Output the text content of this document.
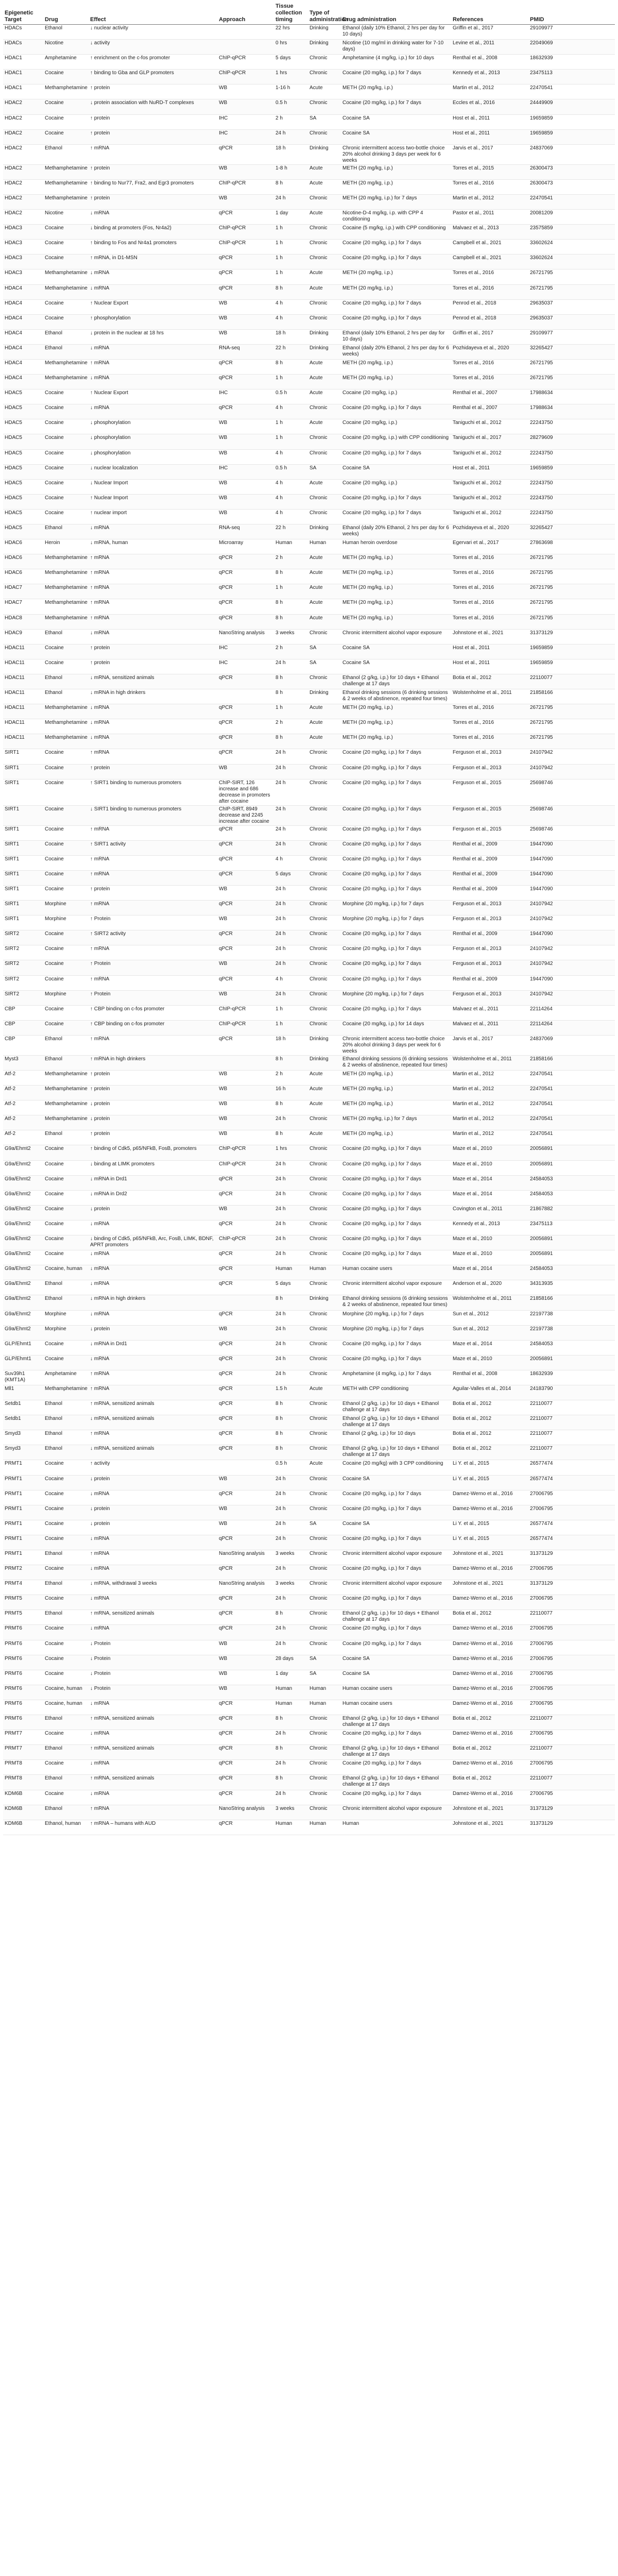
Epigenetic Target	Drug	Effect	Approach	Tissue collection timing	Type of administration	Drug administration	References	PMID
HDACs	Ethanol	↓ nuclear activity		22 hrs	Drinking	Ethanol (daily 10% Ethanol, 2 hrs per day for 10 days)	Griffin et al., 2017	29109977
HDACs	Nicotine	↓ activity		0 hrs	Drinking	Nicotine (10 mg/ml in drinking water for 7-10 days)	Levine et al., 2011	22049069
HDAC1	Amphetamine	↑ enrichment on the c-fos promoter	ChIP-qPCR	5 days	Chronic	Amphetamine (4 mg/kg, i.p.) for 10 days	Renthal et al., 2008	18632939
HDAC1	Cocaine	↑ binding to Gba and GLP promoters	ChIP-qPCR	1 hrs	Chronic	Cocaine (20 mg/kg, i.p.) for 7 days	Kennedy et al., 2013	23475113
HDAC1	Methamphetamine	↑ protein	WB	1-16 h	Acute	METH (20 mg/kg, i.p.)	Martin et al., 2012	22470541
HDAC2	Cocaine	↓ protein association with NuRD-T complexes	WB	0.5 h	Chronic	Cocaine (20 mg/kg, i.p.) for 7 days	Eccles et al., 2016	24449909
HDAC2	Cocaine	↑ protein	IHC	2 h	SA	Cocaine SA	Host et al., 2011	19659859
HDAC2	Cocaine	↑ protein	IHC	24 h	Chronic	Cocaine SA	Host et al., 2011	19659859
HDAC2	Ethanol	↑ mRNA	qPCR	18 h	Drinking	Chronic intermittent access two-bottle choice 20% alcohol drinking 3 days per week for 6 weeks	Jarvis et al., 2017	24837069
HDAC2	Methamphetamine	↑ protein	WB	1-8 h	Acute	METH (20 mg/kg, i.p.)	Torres et al., 2015	26300473
HDAC2	Methamphetamine	↑ binding to Nur77, Fra2, and Egr3 promoters	ChIP-qPCR	8 h	Acute	METH (20 mg/kg, i.p.)	Torres et al., 2016	26300473
HDAC2	Methamphetamine	↑ protein	WB	24 h	Chronic	METH (20 mg/kg, i.p.) for 7 days	Martin et al., 2012	22470541
HDAC2	Nicotine	↓ mRNA	qPCR	1 day	Acute	Nicotine-D-4 mg/kg, i.p. with CPP 4 conditioning	Pastor et al., 2011	20081209
HDAC3	Cocaine	↓ binding at promoters (Fos, Nr4a2)	ChIP-qPCR	1 h	Chronic	Cocaine (5 mg/kg, i.p.) with CPP conditioning	Malvaez et al., 2013	23575859
HDAC3	Cocaine	↑ binding to Fos and Nr4a1 promoters	ChIP-qPCR	1 h	Chronic	Cocaine (20 mg/kg, i.p.) for 7 days	Campbell et al., 2021	33602624
HDAC3	Cocaine	↑ mRNA, in D1-MSN	qPCR	1 h	Chronic	Cocaine (20 mg/kg, i.p.) for 7 days	Campbell et al., 2021	33602624
HDAC3	Methamphetamine	↓ mRNA	qPCR	1 h	Acute	METH (20 mg/kg, i.p.)	Torres et al., 2016	26721795
HDAC4	Methamphetamine	↓ mRNA	qPCR	8 h	Acute	METH (20 mg/kg, i.p.)	Torres et al., 2016	26721795
HDAC4	Cocaine	↑ Nuclear Export	WB	4 h	Chronic	Cocaine (20 mg/kg, i.p.) for 7 days	Penrod et al., 2018	29635037
HDAC4	Cocaine	↑ phosphorylation	WB	4 h	Chronic	Cocaine (20 mg/kg, i.p.) for 7 days	Penrod et al., 2018	29635037
HDAC4	Ethanol	↓ protein in the nuclear at 18 hrs	WB	18 h	Drinking	Ethanol (daily 10% Ethanol, 2 hrs per day for 10 days)	Griffin et al., 2017	29109977
HDAC4	Ethanol	↓ mRNA	RNA-seq	22 h	Drinking	Ethanol (daily 20% Ethanol, 2 hrs per day for 6 weeks)	Pozhidayeva et al., 2020	32265427
HDAC4	Methamphetamine	↑ mRNA	qPCR	8 h	Acute	METH (20 mg/kg, i.p.)	Torres et al., 2016	26721795
HDAC4	Methamphetamine	↓ mRNA	qPCR	1 h	Acute	METH (20 mg/kg, i.p.)	Torres et al., 2016	26721795
HDAC5	Cocaine	↑ Nuclear Export	IHC	0.5 h	Acute	Cocaine (20 mg/kg, i.p.)	Renthal et al., 2007	17988634
HDAC5	Cocaine	↓ mRNA	qPCR	4 h	Chronic	Cocaine (20 mg/kg, i.p.) for 7 days	Renthal et al., 2007	17988634
HDAC5	Cocaine	↓ phosphorylation	WB	1 h	Acute	Cocaine (20 mg/kg, i.p.)	Taniguchi et al., 2012	22243750
HDAC5	Cocaine	↓ phosphorylation	WB	1 h	Chronic	Cocaine (20 mg/kg, i.p.) with CPP conditioning	Taniguchi et al., 2017	28279609
HDAC5	Cocaine	↓ phosphorylation	WB	4 h	Chronic	Cocaine (20 mg/kg, i.p.) for 7 days	Taniguchi et al., 2012	22243750
HDAC5	Cocaine	↓ nuclear localization	IHC	0.5 h	SA	Cocaine SA	Host et al., 2011	19659859
HDAC5	Cocaine	↓ Nuclear Import	WB	4 h	Acute	Cocaine (20 mg/kg, i.p.)	Taniguchi et al., 2012	22243750
HDAC5	Cocaine	↑ Nuclear Import	WB	4 h	Chronic	Cocaine (20 mg/kg, i.p.) for 7 days	Taniguchi et al., 2012	22243750
HDAC5	Cocaine	↑ nuclear import	WB	4 h	Chronic	Cocaine (20 mg/kg, i.p.) for 7 days	Taniguchi et al., 2012	22243750
HDAC5	Ethanol	↓ mRNA	RNA-seq	22 h	Drinking	Ethanol (daily 20% Ethanol, 2 hrs per day for 6 weeks)	Pozhidayeva et al., 2020	32265427
HDAC6	Heroin	↓ mRNA, human	Microarray	Human	Human	Human heroin overdose	Egervari et al., 2017	27863698
HDAC6	Methamphetamine	↑ mRNA	qPCR	2 h	Acute	METH (20 mg/kg, i.p.)	Torres et al., 2016	26721795
HDAC6	Methamphetamine	↑ mRNA	qPCR	8 h	Acute	METH (20 mg/kg, i.p.)	Torres et al., 2016	26721795
HDAC7	Methamphetamine	↑ mRNA	qPCR	1 h	Acute	METH (20 mg/kg, i.p.)	Torres et al., 2016	26721795
HDAC7	Methamphetamine	↑ mRNA	qPCR	8 h	Acute	METH (20 mg/kg, i.p.)	Torres et al., 2016	26721795
HDAC8	Methamphetamine	↑ mRNA	qPCR	8 h	Acute	METH (20 mg/kg, i.p.)	Torres et al., 2016	26721795
HDAC9	Ethanol	↓ mRNA	NanoString analysis	3 weeks	Chronic	Chronic intermittent alcohol vapor exposure	Johnstone et al., 2021	31373129
HDAC11	Cocaine	↑ protein	IHC	2 h	SA	Cocaine SA	Host et al., 2011	19659859
HDAC11	Cocaine	↑ protein	IHC	24 h	SA	Cocaine SA	Host et al., 2011	19659859
HDAC11	Ethanol	↓ mRNA, sensitized animals	qPCR	8 h	Chronic	Ethanol (2 g/kg, i.p.) for 10 days + Ethanol challenge at 17 days	Botia et al., 2012	22110077
HDAC11	Ethanol	↓ mRNA in high drinkers		8 h	Drinking	Ethanol drinking sessions (6 drinking sessions & 2 weeks of abstinence, repeated four times)	Wolstenholme et al., 2011	21858166
HDAC11	Methamphetamine	↓ mRNA	qPCR	1 h	Acute	METH (20 mg/kg, i.p.)	Torres et al., 2016	26721795
HDAC11	Methamphetamine	↓ mRNA	qPCR	2 h	Acute	METH (20 mg/kg, i.p.)	Torres et al., 2016	26721795
HDAC11	Methamphetamine	↓ mRNA	qPCR	8 h	Acute	METH (20 mg/kg, i.p.)	Torres et al., 2016	26721795
SIRT1	Cocaine	↑ mRNA	qPCR	24 h	Chronic	Cocaine (20 mg/kg, i.p.) for 7 days	Ferguson et al., 2013	24107942
SIRT1	Cocaine	↑ protein	WB	24 h	Chronic	Cocaine (20 mg/kg, i.p.) for 7 days	Ferguson et al., 2013	24107942
SIRT1	Cocaine	↑ SIRT1 binding to numerous promoters	ChIP-SIRT, 126 increase and 686 decrease in promoters after cocaine	24 h	Chronic	Cocaine (20 mg/kg, i.p.) for 7 days	Ferguson et al., 2015	25698746
SIRT1	Cocaine	↓ SIRT1 binding to numerous promoters	ChIP-SIRT, 8949 decrease and 2245 increase after cocaine	24 h	Chronic	Cocaine (20 mg/kg, i.p.) for 7 days	Ferguson et al., 2015	25698746
SIRT1	Cocaine	↑ mRNA	qPCR	24 h	Chronic	Cocaine (20 mg/kg, i.p.) for 7 days	Ferguson et al., 2015	25698746
SIRT1	Cocaine	↑ SIRT1 activity	qPCR	24 h	Chronic	Cocaine (20 mg/kg, i.p.) for 7 days	Renthal et al., 2009	19447090
SIRT1	Cocaine	↑ mRNA	qPCR	4 h	Chronic	Cocaine (20 mg/kg, i.p.) for 7 days	Renthal et al., 2009	19447090
SIRT1	Cocaine	↑ mRNA	qPCR	5 days	Chronic	Cocaine (20 mg/kg, i.p.) for 7 days	Renthal et al., 2009	19447090
SIRT1	Cocaine	↑ protein	WB	24 h	Chronic	Cocaine (20 mg/kg, i.p.) for 7 days	Renthal et al., 2009	19447090
SIRT1	Morphine	↑ mRNA	qPCR	24 h	Chronic	Morphine (20 mg/kg, i.p.) for 7 days	Ferguson et al., 2013	24107942
SIRT1	Morphine	↑ Protein	WB	24 h	Chronic	Morphine (20 mg/kg, i.p.) for 7 days	Ferguson et al., 2013	24107942
SIRT2	Cocaine	↑ SIRT2 activity	qPCR	24 h	Chronic	Cocaine (20 mg/kg, i.p.) for 7 days	Renthal et al., 2009	19447090
SIRT2	Cocaine	↑ mRNA	qPCR	24 h	Chronic	Cocaine (20 mg/kg, i.p.) for 7 days	Ferguson et al., 2013	24107942
SIRT2	Cocaine	↑ Protein	WB	24 h	Chronic	Cocaine (20 mg/kg, i.p.) for 7 days	Ferguson et al., 2013	24107942
SIRT2	Cocaine	↑ mRNA	qPCR	4 h	Chronic	Cocaine (20 mg/kg, i.p.) for 7 days	Renthal et al., 2009	19447090
SIRT2	Morphine	↑ Protein	WB	24 h	Chronic	Morphine (20 mg/kg, i.p.) for 7 days	Ferguson et al., 2013	24107942
CBP	Cocaine	↑ CBP binding on c-fos promoter	ChIP-qPCR	1 h	Chronic	Cocaine (20 mg/kg, i.p.) for 7 days	Malvaez et al., 2011	22114264
CBP	Cocaine	↑ CBP binding on c-fos promoter	ChIP-qPCR	1 h	Chronic	Cocaine (20 mg/kg, i.p.) for 14 days	Malvaez et al., 2011	22114264
CBP	Ethanol	↑ mRNA	qPCR	18 h	Drinking	Chronic intermittent access two-bottle choice 20% alcohol drinking 3 days per week for 6 weeks	Jarvis et al., 2017	24837069
Myst3	Ethanol	↑ mRNA in high drinkers		8 h	Drinking	Ethanol drinking sessions (6 drinking sessions & 2 weeks of abstinence, repeated four times)	Wolstenholme et al., 2011	21858166
Atf-2	Methamphetamine	↑ protein	WB	2 h	Acute	METH (20 mg/kg, i.p.)	Martin et al., 2012	22470541
Atf-2	Methamphetamine	↑ protein	WB	16 h	Acute	METH (20 mg/kg, i.p.)	Martin et al., 2012	22470541
Atf-2	Methamphetamine	↓ protein	WB	8 h	Acute	METH (20 mg/kg, i.p.)	Martin et al., 2012	22470541
Atf-2	Methamphetamine	↓ protein	WB	24 h	Chronic	METH (20 mg/kg, i.p.) for 7 days	Martin et al., 2012	22470541
Atf-2	Ethanol	↑ protein	WB	8 h	Acute	METH (20 mg/kg, i.p.)	Martin et al., 2012	22470541
G9a/Ehmt2	Cocaine	↑ binding of Cdk5, p65/NFkB, FosB, promoters	ChIP-qPCR	1 hrs	Chronic	Cocaine (20 mg/kg, i.p.) for 7 days	Maze et al., 2010	20056891
G9a/Ehmt2	Cocaine	↓ binding at LIMK promoters	ChIP-qPCR	24 h	Chronic	Cocaine (20 mg/kg, i.p.) for 7 days	Maze et al., 2010	20056891
G9a/Ehmt2	Cocaine	↓ mRNA in Drd1	qPCR	24 h	Chronic	Cocaine (20 mg/kg, i.p.) for 7 days	Maze et al., 2014	24584053
G9a/Ehmt2	Cocaine	↓ mRNA in Drd2	qPCR	24 h	Chronic	Cocaine (20 mg/kg, i.p.) for 7 days	Maze et al., 2014	24584053
G9a/Ehmt2	Cocaine	↓ protein	WB	24 h	Chronic	Cocaine (20 mg/kg, i.p.) for 7 days	Covington et al., 2011	21867882
G9a/Ehmt2	Cocaine	↓ mRNA	qPCR	24 h	Chronic	Cocaine (20 mg/kg, i.p.) for 7 days	Kennedy et al., 2013	23475113
G9a/Ehmt2	Cocaine	↓ binding of Cdk5, p65/NFkB, Arc, FosB, LIMK, BDNF, APRT promoters	ChIP-qPCR	24 h	Chronic	Cocaine (20 mg/kg, i.p.) for 7 days	Maze et al., 2010	20056891
G9a/Ehmt2	Cocaine	↓ mRNA	qPCR	24 h	Chronic	Cocaine (20 mg/kg, i.p.) for 7 days	Maze et al., 2010	20056891
G9a/Ehmt2	Cocaine, human	↓ mRNA	qPCR	Human	Human	Human cocaine users	Maze et al., 2014	24584053
G9a/Ehmt2	Ethanol	↓ mRNA	qPCR	5 days	Chronic	Chronic intermittent alcohol vapor exposure	Anderson et al., 2020	34313935
G9a/Ehmt2	Ethanol	↓ mRNA in high drinkers		8 h	Drinking	Ethanol drinking sessions (6 drinking sessions & 2 weeks of abstinence, repeated four times)	Wolstenholme et al., 2011	21858166
G9a/Ehmt2	Morphine	↓ mRNA	qPCR	24 h	Chronic	Morphine (20 mg/kg, i.p.) for 7 days	Sun et al., 2012	22197738
G9a/Ehmt2	Morphine	↓ protein	WB	24 h	Chronic	Morphine (20 mg/kg, i.p.) for 7 days	Sun et al., 2012	22197738
GLP/Ehmt1	Cocaine	↓ mRNA in Drd1	qPCR	24 h	Chronic	Cocaine (20 mg/kg, i.p.) for 7 days	Maze et al., 2014	24584053
GLP/Ehmt1	Cocaine	↓ mRNA	qPCR	24 h	Chronic	Cocaine (20 mg/kg, i.p.) for 7 days	Maze et al., 2010	20056891
Suv39h1 (KMT1A)	Amphetamine	↑ mRNA	qPCR	24 h	Chronic	Amphetamine (4 mg/kg, i.p.) for 7 days	Renthal et al., 2008	18632939
Mll1	Methamphetamine	↑ mRNA	qPCR	1.5 h	Acute	METH with CPP conditioning	Aguilar-Valles et al., 2014	24183790
Setdb1	Ethanol	↑ mRNA, sensitized animals	qPCR	8 h	Chronic	Ethanol (2 g/kg, i.p.) for 10 days + Ethanol challenge at 17 days	Botia et al., 2012	22110077
Setdb1	Ethanol	↓ mRNA, sensitized animals	qPCR	8 h	Chronic	Ethanol (2 g/kg, i.p.) for 10 days + Ethanol challenge at 17 days	Botia et al., 2012	22110077
Smyd3	Ethanol	↑ mRNA	qPCR	8 h	Chronic	Ethanol (2 g/kg, i.p.) for 10 days	Botia et al., 2012	22110077
Smyd3	Ethanol	↓ mRNA, sensitized animals	qPCR	8 h	Chronic	Ethanol (2 g/kg, i.p.) for 10 days + Ethanol challenge at 17 days	Botia et al., 2012	22110077
PRMT1	Cocaine	↑ activity		0.5 h	Acute	Cocaine (20 mg/kg) with 3 CPP conditioning	Li Y. et al., 2015	26577474
PRMT1	Cocaine	↓ protein	WB	24 h	Chronic	Cocaine SA	Li Y. et al., 2015	26577474
PRMT1	Cocaine	↓ mRNA	qPCR	24 h	Chronic	Cocaine (20 mg/kg, i.p.) for 7 days	Damez-Werno et al., 2016	27006795
PRMT1	Cocaine	↓ protein	WB	24 h	Chronic	Cocaine (20 mg/kg, i.p.) for 7 days	Damez-Werno et al., 2016	27006795
PRMT1	Cocaine	↓ protein	WB	24 h	SA	Cocaine SA	Li Y. et al., 2015	26577474
PRMT1	Cocaine	↓ mRNA	qPCR	24 h	Chronic	Cocaine (20 mg/kg, i.p.) for 7 days	Li Y. et al., 2015	26577474
PRMT1	Ethanol	↑ mRNA	NanoString analysis	3 weeks	Chronic	Chronic intermittent alcohol vapor exposure	Johnstone et al., 2021	31373129
PRMT2	Cocaine	↓ mRNA	qPCR	24 h	Chronic	Cocaine (20 mg/kg, i.p.) for 7 days	Damez-Werno et al., 2016	27006795
PRMT4	Ethanol	↓ mRNA, withdrawal 3 weeks	NanoString analysis	3 weeks	Chronic	Chronic intermittent alcohol vapor exposure	Johnstone et al., 2021	31373129
PRMT5	Cocaine	↓ mRNA	qPCR	24 h	Chronic	Cocaine (20 mg/kg, i.p.) for 7 days	Damez-Werno et al., 2016	27006795
PRMT5	Ethanol	↑ mRNA, sensitized animals	qPCR	8 h	Chronic	Ethanol (2 g/kg, i.p.) for 10 days + Ethanol challenge at 17 days	Botia et al., 2012	22110077
PRMT6	Cocaine	↓ mRNA	qPCR	24 h	Chronic	Cocaine (20 mg/kg, i.p.) for 7 days	Damez-Werno et al., 2016	27006795
PRMT6	Cocaine	↓ Protein	WB	24 h	Chronic	Cocaine (20 mg/kg, i.p.) for 7 days	Damez-Werno et al., 2016	27006795
PRMT6	Cocaine	↓ Protein	WB	28 days	SA	Cocaine SA	Damez-Werno et al., 2016	27006795
PRMT6	Cocaine	↓ Protein	WB	1 day	SA	Cocaine SA	Damez-Werno et al., 2016	27006795
PRMT6	Cocaine, human	↓ Protein	WB	Human	Human	Human cocaine users	Damez-Werno et al., 2016	27006795
PRMT6	Cocaine, human	↓ mRNA	qPCR	Human	Human	Human cocaine users	Damez-Werno et al., 2016	27006795
PRMT6	Ethanol	↑ mRNA, sensitized animals	qPCR	8 h	Chronic	Ethanol (2 g/kg, i.p.) for 10 days + Ethanol challenge at 17 days	Botia et al., 2012	22110077
PRMT7	Cocaine	↓ mRNA	qPCR	24 h	Chronic	Cocaine (20 mg/kg, i.p.) for 7 days	Damez-Werno et al., 2016	27006795
PRMT7	Ethanol	↑ mRNA, sensitized animals	qPCR	8 h	Chronic	Ethanol (2 g/kg, i.p.) for 10 days + Ethanol challenge at 17 days	Botia et al., 2012	22110077
PRMT8	Cocaine	↓ mRNA	qPCR	24 h	Chronic	Cocaine (20 mg/kg, i.p.) for 7 days	Damez-Werno et al., 2016	27006795
PRMT8	Ethanol	↑ mRNA, sensitized animals	qPCR	8 h	Chronic	Ethanol (2 g/kg, i.p.) for 10 days + Ethanol challenge at 17 days	Botia et al., 2012	22110077
KDM6B	Cocaine	↓ mRNA	qPCR	24 h	Chronic	Cocaine (20 mg/kg, i.p.) for 7 days	Damez-Werno et al., 2016	27006795
KDM6B	Ethanol	↑ mRNA	NanoString analysis	3 weeks	Chronic	Chronic intermittent alcohol vapor exposure	Johnstone et al., 2021	31373129
KDM6B	Ethanol, human	↑ mRNA – humans with AUD	qPCR	Human	Human	Human	Johnstone et al., 2021	31373129
